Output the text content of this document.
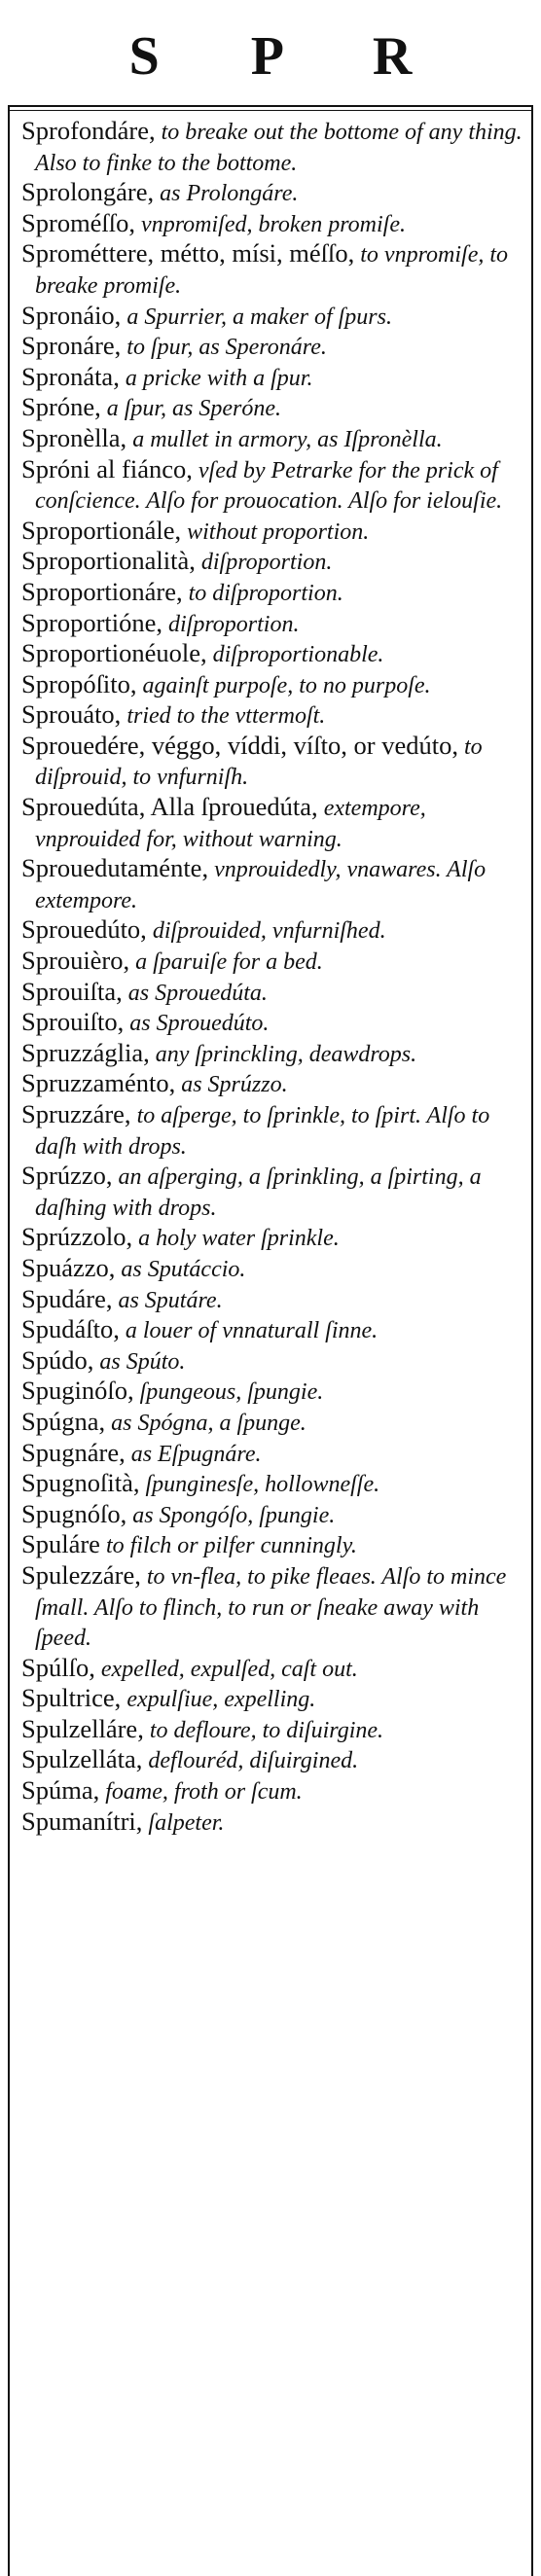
S P R

Sprofondáre, to breake out the bottome of any thing. Also to finke to the bottome.

Sprolongáre, as Prolongáre.

Sproméſſo, vnpromiſed, broken promiſe.

Sprométtere, métto, mísi, méſſo, to vnpromiſe, to breake promiſe.

Spronáio, a Spurrier, a maker of ſpurs.

Spronáre, to ſpur, as Speronáre.

Spronáta, a pricke with a ſpur.

Spróne, a ſpur, as Speróne.

Spronèlla, a mullet in armory, as Iſpronèlla.

Spróni al fiánco, vſed by Petrarke for the prick of conſcience. Alſo for prouocation. Alſo for ielouſie.

Sproportionále, without proportion.

Sproportionalità, diſproportion.

Sproportionáre, to diſproportion.

Sproportióne, diſproportion.

Sproportionéuole, diſproportionable.

Spropóſito, againſt purpoſe, to no purpoſe.

Sprouáto, tried to the vttermoſt.

Sprouedére, véggo, víddi, víſto, or vedúto, to diſprouid, to vnfurniſh.

Sprouedúta, Alla ſprouedúta, extempore, vnprouided for, without warning.

Sprouedutaménte, vnprouidedly, vnawares. Alſo extempore.

Sprouedúto, diſprouided, vnfurniſhed.

Sprouièro, a ſparuiſe for a bed.

Sprouiſta, as Sprouedúta.

Sprouiſto, as Sprouedúto.

Spruzzáglia, any ſprinckling, deawdrops.

Spruzzaménto, as Sprúzzo.

Spruzzáre, to aſperge, to ſprinkle, to ſpirt. Alſo to daſh with drops.

Sprúzzo, an aſperging, a ſprinkling, a ſpirting, a daſhing with drops.

Sprúzzolo, a holy water ſprinkle.

Spuázzo, as Sputáccio.

Spudáre, as Sputáre.

Spudáſto, a louer of vnnaturall ſinne.

Spúdo, as Spúto.

Spuginóſo, ſpungeous, ſpungie.

Spúgna, as Spógna, a ſpunge.

Spugnáre, as Eſpugnáre.

Spugnoſità, ſpunginesſe, hollowneſſe.

Spugnóſo, as Spongóſo, ſpungie.

Spuláre to filch or pilfer cunningly.

Spulezzáre, to vn-flea, to pike fleaes. Alſo to mince ſmall. Alſo to flinch, to run or ſneake away with ſpeed.

Spúlſo, expelled, expulſed, caſt out.

Spultrice, expulſiue, expelling.

Spulzelláre, to defloure, to diſuirgine.

Spulzelláta, deflouréd, diſuirgined.

Spúma, foame, froth or ſcum.

Spumanítri, ſalpeter.
